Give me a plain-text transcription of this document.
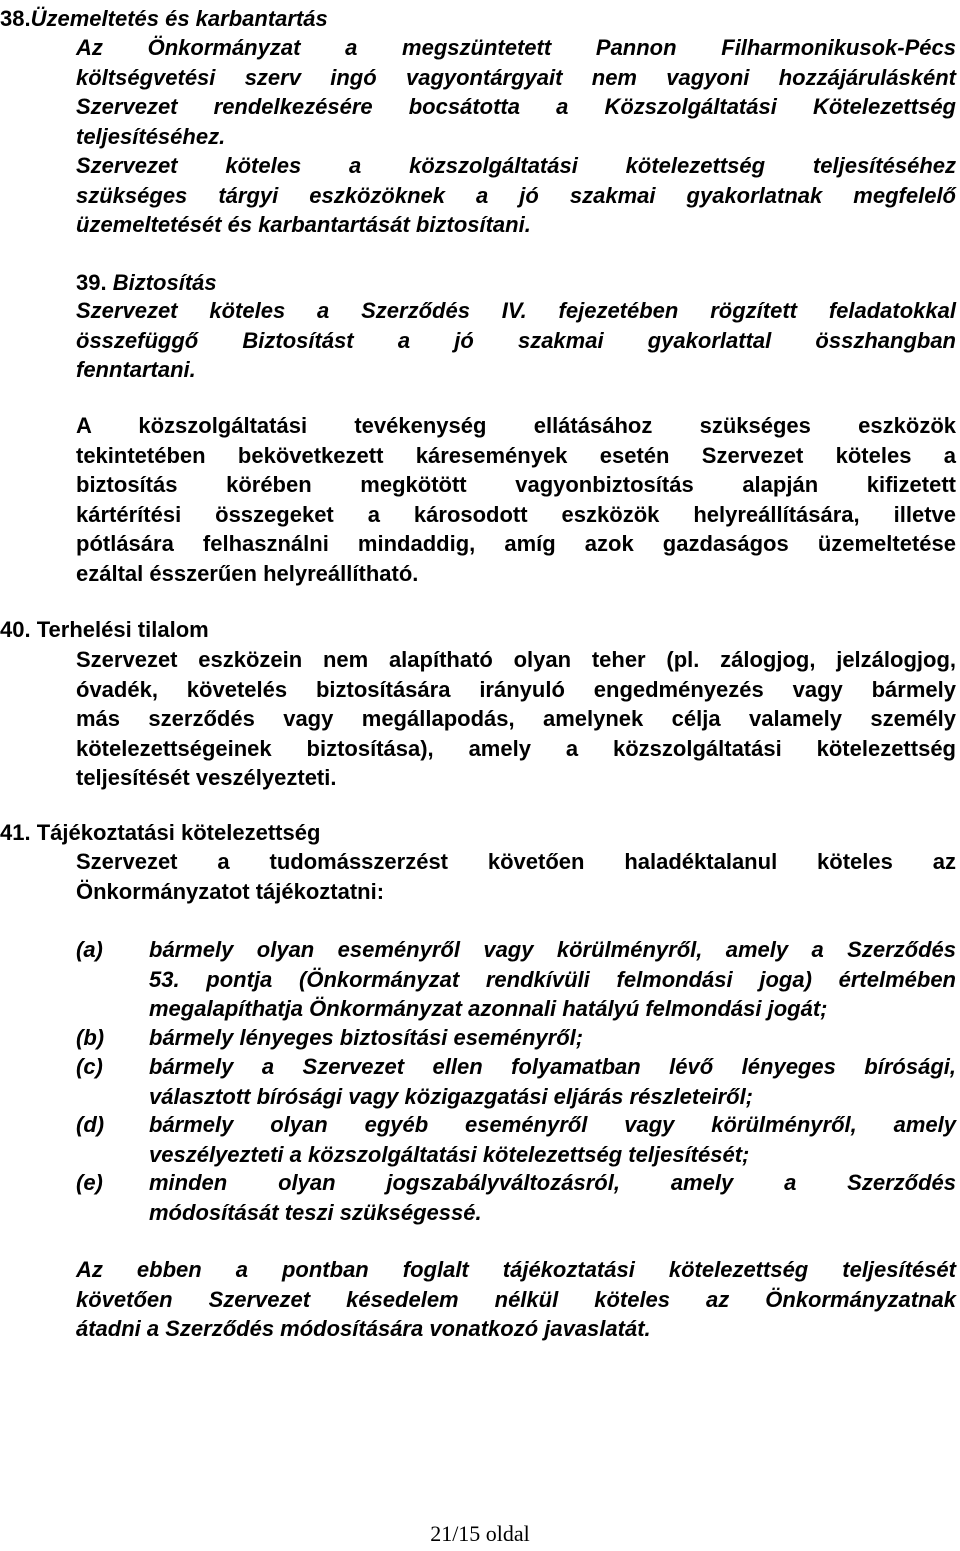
38.Üzemeltetés és karbantartás
Az Önkormányzat a megszüntetett Pannon Filharmonikusok-Pécs
költségvetési szerv ingó vagyontárgyait nem vagyoni hozzájárulásként
Szervezet rendelkezésére bocsátotta a Közszolgáltatási Kötelezettség
teljesítéséhez.
Szervezet köteles a közszolgáltatási kötelezettség teljesítéséhez
szükséges tárgyi eszközöknek a jó szakmai gyakorlatnak megfelelő
üzemeltetését és karbantartását biztosítani.
39. Biztosítás
Szervezet köteles a Szerződés IV. fejezetében rögzített feladatokkal
összefüggő Biztosítást a jó szakmai gyakorlattal összhangban
fenntartani.
A közszolgáltatási tevékenység ellátásához szükséges eszközök
tekintetében bekövetkezett káresemények esetén Szervezet köteles a
biztosítás körében megkötött vagyonbiztosítás alapján kifizetett
kártérítési összegeket a károsodott eszközök helyreállítására, illetve
pótlására felhasználni mindaddig, amíg azok gazdaságos üzemeltetése
ezáltal ésszerűen helyreállítható.
40. Terhelési tilalom
Szervezet eszközein nem alapítható olyan teher (pl. zálogjog, jelzálogjog,
óvadék, követelés biztosítására irányuló engedményezés vagy bármely
más szerződés vagy megállapodás, amelynek célja valamely személy
kötelezettségeinek biztosítása), amely a közszolgáltatási kötelezettség
teljesítését veszélyezteti.
41. Tájékoztatási kötelezettség
Szervezet a tudomásszerzést követően haladéktalanul köteles az
Önkormányzatot tájékoztatni:
(a) bármely olyan eseményről vagy körülményről, amely a Szerződés
53. pontja (Önkormányzat rendkívüli felmondási joga) értelmében
megalapíthatja Önkormányzat azonnali hatályú felmondási jogát;
(b) bármely lényeges biztosítási eseményről;
(c) bármely a Szervezet ellen folyamatban lévő lényeges bírósági,
választott bírósági vagy közigazgatási eljárás részleteiről;
(d) bármely olyan egyéb eseményről vagy körülményről, amely
veszélyezteti a közszolgáltatási kötelezettség teljesítését;
(e) minden olyan jogszabályváltozásról, amely a Szerződés
módosítását teszi szükségessé.
Az ebben a pontban foglalt tájékoztatási kötelezettség teljesítését
követően Szervezet késedelem nélkül köteles az Önkormányzatnak
átadni a Szerződés módosítására vonatkozó javaslatát.
21/15 oldal
